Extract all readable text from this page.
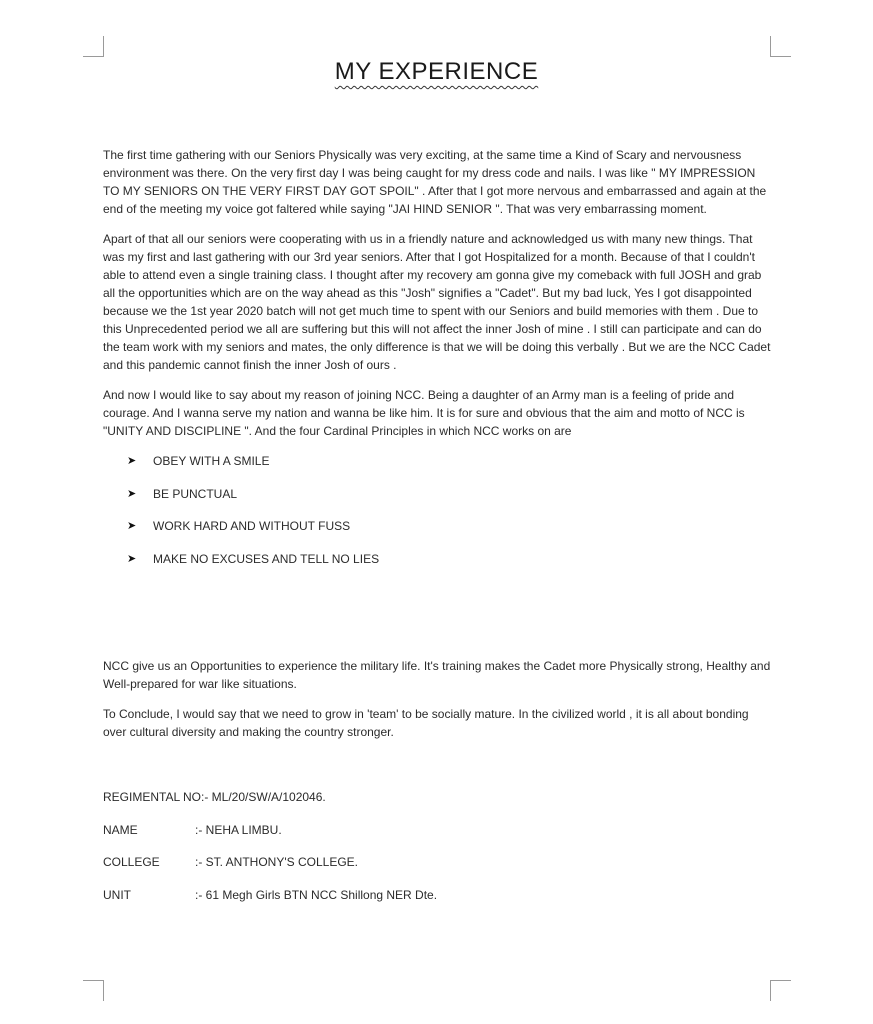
MY EXPERIENCE

The first time gathering with our Seniors Physically was very exciting, at the same time a Kind of Scary and nervousness environment was there. On the very first day I was being caught for my dress code and nails. I was like " MY IMPRESSION TO MY SENIORS ON THE VERY FIRST DAY GOT SPOIL" . After that I got more nervous and embarrassed and again at the end of the meeting my voice got faltered while saying "JAI HIND SENIOR ". That was very embarrassing moment.

Apart of that all our seniors were cooperating with us in a friendly nature and acknowledged us with many new things. That was my first and last gathering with our 3rd year seniors. After that I got Hospitalized for a month. Because of that I couldn't able to attend even a single training class. I thought after my recovery am gonna give my comeback with full JOSH and grab all the opportunities which are on the way ahead as this "Josh" signifies a "Cadet". But my bad luck, Yes I got disappointed because we the 1st year 2020 batch will not get much time to spent with our Seniors and build memories with them . Due to this Unprecedented period we all are suffering but this will not affect the inner Josh of mine . I still can participate and can do the team work with my seniors and mates, the only difference is that we will be doing this verbally . But we are the NCC Cadet and this pandemic cannot finish the inner Josh of ours .

And now I would like to say about my reason of joining NCC. Being a daughter of an Army man is a feeling of pride and courage. And I wanna serve my nation and wanna be like him. It is for sure and obvious that the aim and motto of NCC is "UNITY AND DISCIPLINE ". And the four Cardinal Principles in which NCC works on are

➤	OBEY WITH A SMILE
➤	BE PUNCTUAL
➤	WORK HARD AND WITHOUT FUSS
➤	MAKE NO EXCUSES AND TELL NO LIES

NCC give us an Opportunities to experience the military life. It's training makes the Cadet more Physically strong, Healthy and Well-prepared for war like situations.

To Conclude, I would say that we need to grow in 'team' to be socially mature. In the civilized world , it is all about bonding over cultural diversity and making the country stronger.

REGIMENTAL NO:- ML/20/SW/A/102046.
NAME	:- NEHA LIMBU.
COLLEGE	:- ST. ANTHONY'S COLLEGE.
UNIT	:- 61 Megh Girls BTN NCC Shillong NER Dte.
